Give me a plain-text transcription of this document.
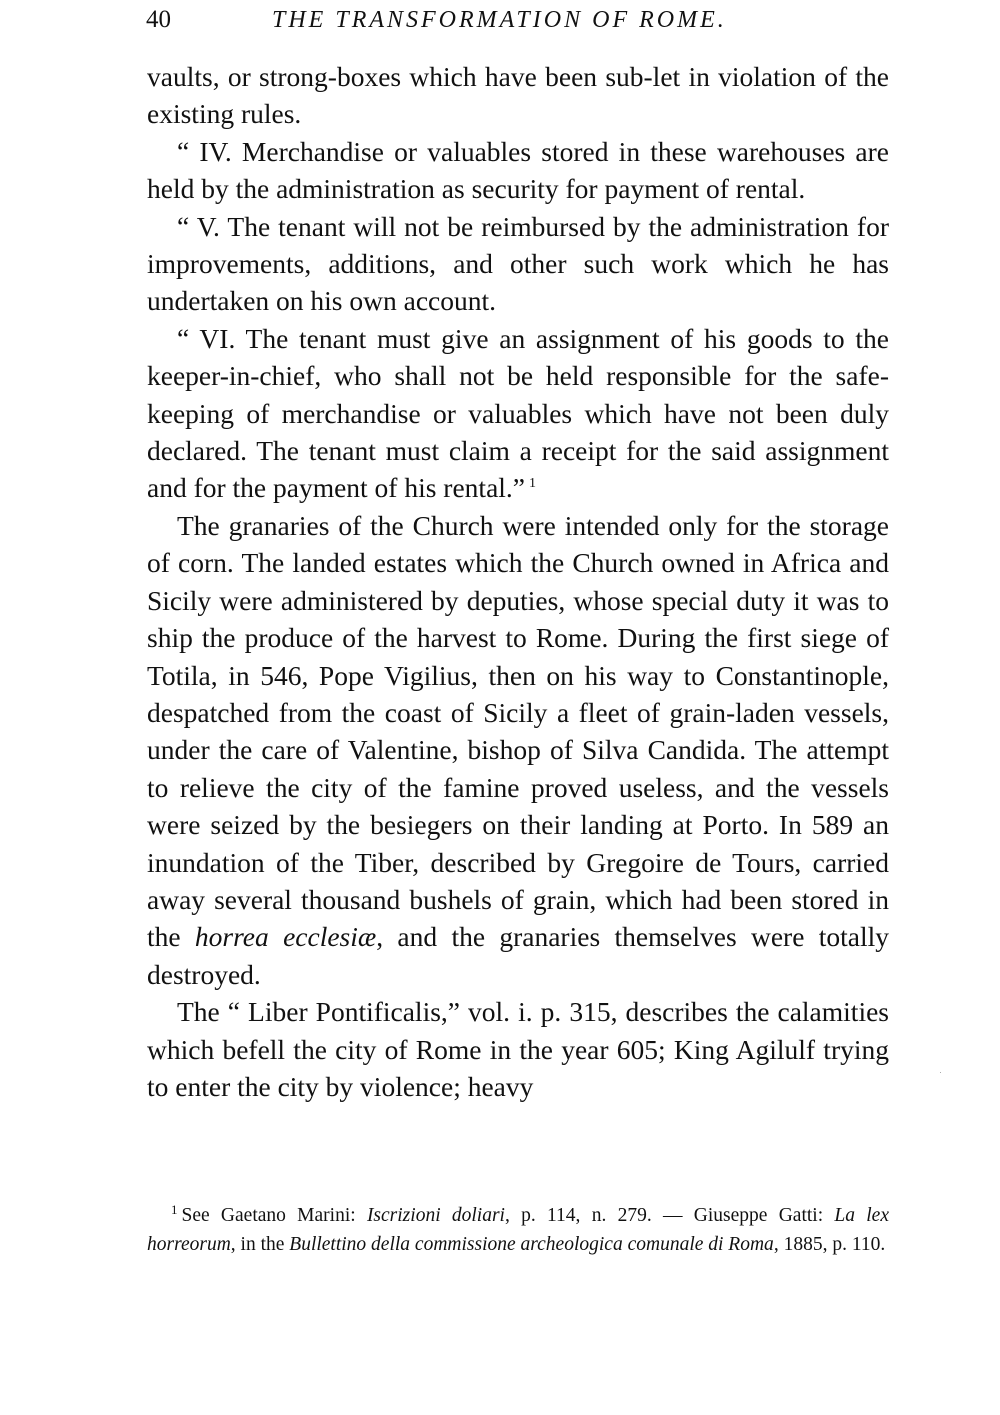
40	THE TRANSFORMATION OF ROME.

vaults, or strong-boxes which have been sub-let in violation of the existing rules.

“ IV. Merchandise or valuables stored in these warehouses are held by the administration as security for payment of rental.

“ V. The tenant will not be reimbursed by the administration for improvements, additions, and other such work which he has undertaken on his own account.

“ VI. The tenant must give an assignment of his goods to the keeper-in-chief, who shall not be held responsible for the safe-keeping of merchandise or valuables which have not been duly declared. The tenant must claim a receipt for the said assignment and for the payment of his rental.” $^1$

The granaries of the Church were intended only for the storage of corn. The landed estates which the Church owned in Africa and Sicily were administered by deputies, whose special duty it was to ship the produce of the harvest to Rome. During the first siege of Totila, in 546, Pope Vigilius, then on his way to Constantinople, despatched from the coast of Sicily a fleet of grain-laden vessels, under the care of Valentine, bishop of Silva Candida. The attempt to relieve the city of the famine proved useless, and the vessels were seized by the besiegers on their landing at Porto. In 589 an inundation of the Tiber, described by Gregoire de Tours, carried away several thousand bushels of grain, which had been stored in the horrea ecclesiæ, and the granaries themselves were totally destroyed.

The “ Liber Pontificalis,” vol. i. p. 315, describes the calamities which befell the city of Rome in the year 605; King Agilulf trying to enter the city by violence; heavy

$^1$ See Gaetano Marini: Iscrizioni doliari, p. 114, n. 279. — Giuseppe Gatti: La lex horreorum, in the Bullettino della commissione archeologica comunale di Roma, 1885, p. 110.
